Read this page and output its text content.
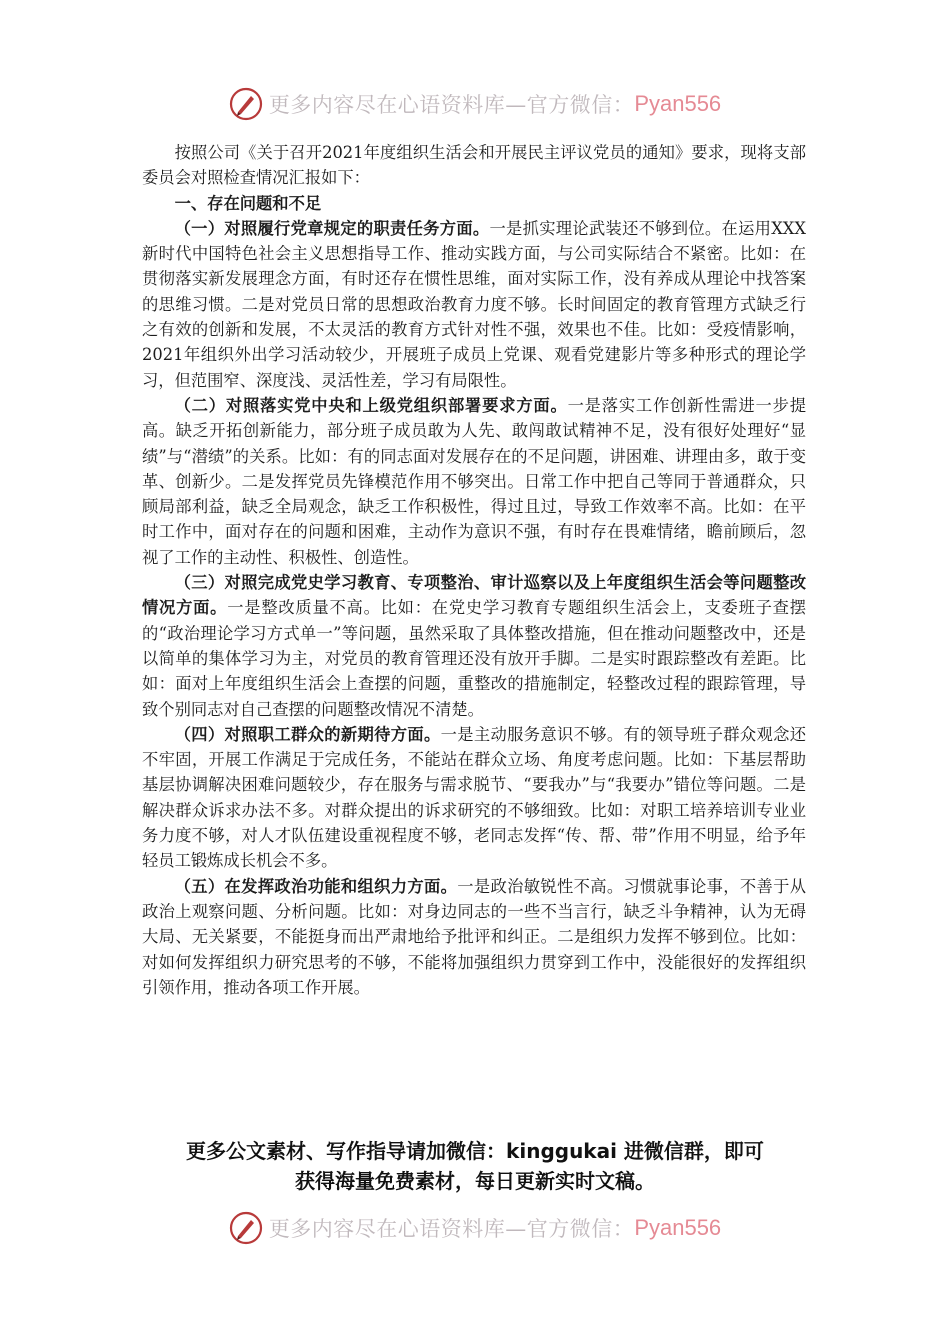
更多内容尽在心语资料库—官方微信： Pyan556

按照公司《关于召开2021年度组织生活会和开展民主评议党员的通知》要求，现将支部委员会对照检查情况汇报如下：

一、存在问题和不足

（一）对照履行党章规定的职责任务方面。一是抓实理论武装还不够到位。在运用XXX新时代中国特色社会主义思想指导工作、推动实践方面，与公司实际结合不紧密。比如：在贯彻落实新发展理念方面，有时还存在惯性思维，面对实际工作，没有养成从理论中找答案的思维习惯。二是对党员日常的思想政治教育力度不够。长时间固定的教育管理方式缺乏行之有效的创新和发展，不太灵活的教育方式针对性不强，效果也不佳。比如：受疫情影响，2021年组织外出学习活动较少，开展班子成员上党课、观看党建影片等多种形式的理论学习，但范围窄、深度浅、灵活性差，学习有局限性。

（二）对照落实党中央和上级党组织部署要求方面。一是落实工作创新性需进一步提高。缺乏开拓创新能力，部分班子成员敢为人先、敢闯敢试精神不足，没有很好处理好“显绩”与“潜绩”的关系。比如：有的同志面对发展存在的不足问题，讲困难、讲理由多，敢于变革、创新少。二是发挥党员先锋模范作用不够突出。日常工作中把自己等同于普通群众，只顾局部利益，缺乏全局观念，缺乏工作积极性，得过且过，导致工作效率不高。比如：在平时工作中，面对存在的问题和困难，主动作为意识不强，有时存在畏难情绪，瞻前顾后，忽视了工作的主动性、积极性、创造性。

（三）对照完成党史学习教育、专项整治、审计巡察以及上年度组织生活会等问题整改情况方面。一是整改质量不高。比如：在党史学习教育专题组织生活会上，支委班子查摆的“政治理论学习方式单一”等问题，虽然采取了具体整改措施，但在推动问题整改中，还是以简单的集体学习为主，对党员的教育管理还没有放开手脚。二是实时跟踪整改有差距。比如：面对上年度组织生活会上查摆的问题，重整改的措施制定，轻整改过程的跟踪管理，导致个别同志对自己查摆的问题整改情况不清楚。

（四）对照职工群众的新期待方面。一是主动服务意识不够。有的领导班子群众观念还不牢固，开展工作满足于完成任务，不能站在群众立场、角度考虑问题。比如：下基层帮助基层协调解决困难问题较少，存在服务与需求脱节、“要我办”与“我要办”错位等问题。二是解决群众诉求办法不多。对群众提出的诉求研究的不够细致。比如：对职工培养培训专业业务力度不够，对人才队伍建设重视程度不够，老同志发挥“传、帮、带”作用不明显，给予年轻员工锻炼成长机会不多。

（五）在发挥政治功能和组织力方面。一是政治敏锐性不高。习惯就事论事，不善于从政治上观察问题、分析问题。比如：对身边同志的一些不当言行，缺乏斗争精神，认为无碍大局、无关紧要，不能挺身而出严肃地给予批评和纠正。二是组织力发挥不够到位。比如：对如何发挥组织力研究思考的不够，不能将加强组织力贯穿到工作中，没能很好的发挥组织引领作用，推动各项工作开展。

更多公文素材、写作指导请加微信：kinggukai 进微信群，即可
获得海量免费素材，每日更新实时文稿。
更多内容尽在心语资料库—官方微信： Pyan556
